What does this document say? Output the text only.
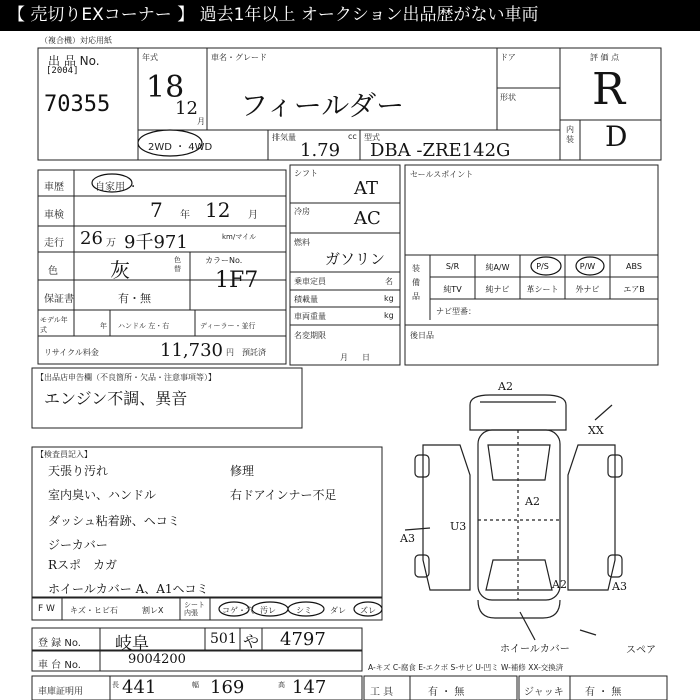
【 売切りEXコーナー 】 過去1年以上 オークション出品歴がない車両
（複合機）対応用紙
出 品 No.
[2004]
70355
年式
18
12
月
車名・グレード
フィールダー
ドア
形状
評 価 点
R
内装 D
2WD ・ 4WD
排気量
1.79
cc 型式
DBA -ZRE142G
車歴	自家用 ・
車検	7 年 12 月
走行 26 万 9千971	km/マイル
色	灰	色替
カラーNo.
1F7
保証書	有・無
モデル年式	年 ハンドル 左・右	ディーラー・並行
リサイクル料金	11,730 円 預託済
シフト
AT
冷房 AC
燃料
ガソリン
乗車定員	名
積載量	kg
車両重量	kg
名変期限
月日
セールスポイント
装備品
S/R	純A/W	P/S	P/W	ABS
純TV	純ナビ	革シート	外ナビ	エアB
ナビ型番：
後日品
【出品店申告欄（不良箇所・欠品・注意事項等）】
エンジン不調、異音
【検査員記入】
天張り汚れ
室内臭い、ハンドル
ダッシュ粘着跡、ヘコミ
ジーカバー
Rスポ　カガ
ホイールカバー A、A1ヘコミ
修理
右ドアインナー不足
A2
XX
A2
U3
A3
A2	A3
ホイールカバー	スペア
F W キズ・ヒビ石	割レX
シート内張	コゲ・穴 汚レ	シミ ダレ ズレ
登 録 No. 岐阜	501 や 4797
車 台 No.	9004200
A-キズ C-腐食 E-エクボ S-サビ U-凹ミ W-補修 XX-交換済
車庫証明用
長 441	幅 169	高 147	工 具	有 ・ 無	ジャッキ 有 ・ 無
